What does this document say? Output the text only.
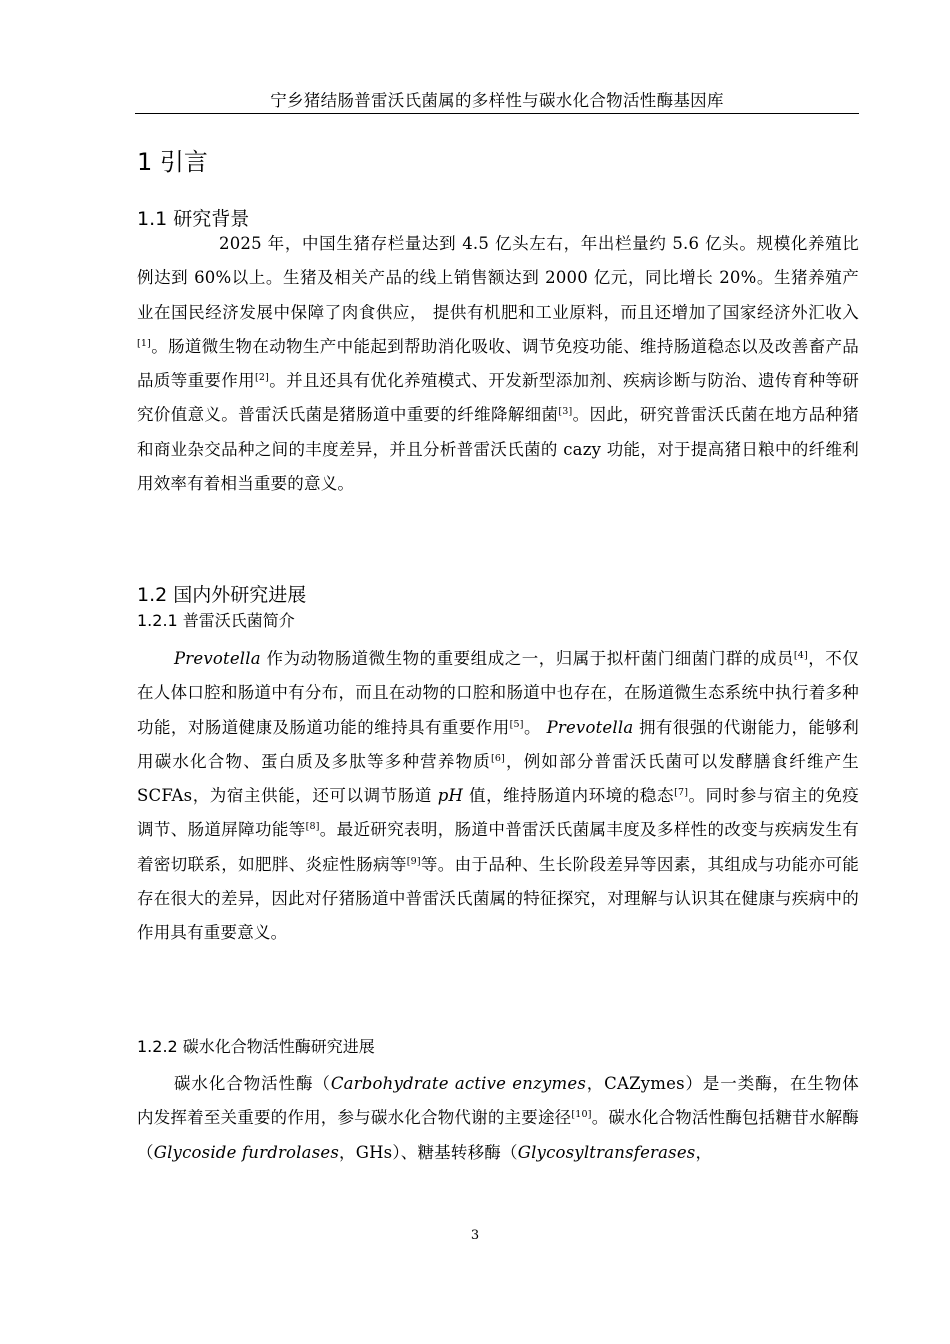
宁乡猪结肠普雷沃氏菌属的多样性与碳水化合物活性酶基因库
1 引言
1.1 研究背景

2025 年，中国生猪存栏量达到 4.5 亿头左右，年出栏量约 5.6 亿头。规模化养殖比例达到 60%以上。生猪及相关产品的线上销售额达到 2000 亿元，同比增长 20%。生猪养殖产业在国民经济发展中保障了肉食供应， 提供有机肥和工业原料，而且还增加了国家经济外汇收入[1]。肠道微生物在动物生产中能起到帮助消化吸收、调节免疫功能、维持肠道稳态以及改善畜产品品质等重要作用[2]。并且还具有优化养殖模式、开发新型添加剂、疾病诊断与防治、遗传育种等研究价值意义。普雷沃氏菌是猪肠道中重要的纤维降解细菌[3]。因此，研究普雷沃氏菌在地方品种猪和商业杂交品种之间的丰度差异，并且分析普雷沃氏菌的 cazy 功能，对于提高猪日粮中的纤维利用效率有着相当重要的意义。

1.2 国内外研究进展
1.2.1 普雷沃氏菌简介

Prevotella 作为动物肠道微生物的重要组成之一，归属于拟杆菌门细菌门群的成员[4]，不仅在人体口腔和肠道中有分布，而且在动物的口腔和肠道中也存在，在肠道微生态系统中执行着多种功能，对肠道健康及肠道功能的维持具有重要作用[5]。 Prevotella 拥有很强的代谢能力，能够利用碳水化合物、蛋白质及多肽等多种营养物质[6]，例如部分普雷沃氏菌可以发酵膳食纤维产生 SCFAs，为宿主供能，还可以调节肠道 pH 值，维持肠道内环境的稳态[7]。同时参与宿主的免疫调节、肠道屏障功能等[8]。最近研究表明，肠道中普雷沃氏菌属丰度及多样性的改变与疾病发生有着密切联系，如肥胖、炎症性肠病等[9]等。由于品种、生长阶段差异等因素，其组成与功能亦可能存在很大的差异，因此对仔猪肠道中普雷沃氏菌属的特征探究，对理解与认识其在健康与疾病中的作用具有重要意义。

1.2.2 碳水化合物活性酶研究进展

碳水化合物活性酶（Carbohydrate active enzymes，CAZymes）是一类酶，在生物体内发挥着至关重要的作用，参与碳水化合物代谢的主要途径[10]。碳水化合物活性酶包括糖苷水解酶（Glycoside furdrolases，GHs）、糖基转移酶（Glycosyltransferases，

3
